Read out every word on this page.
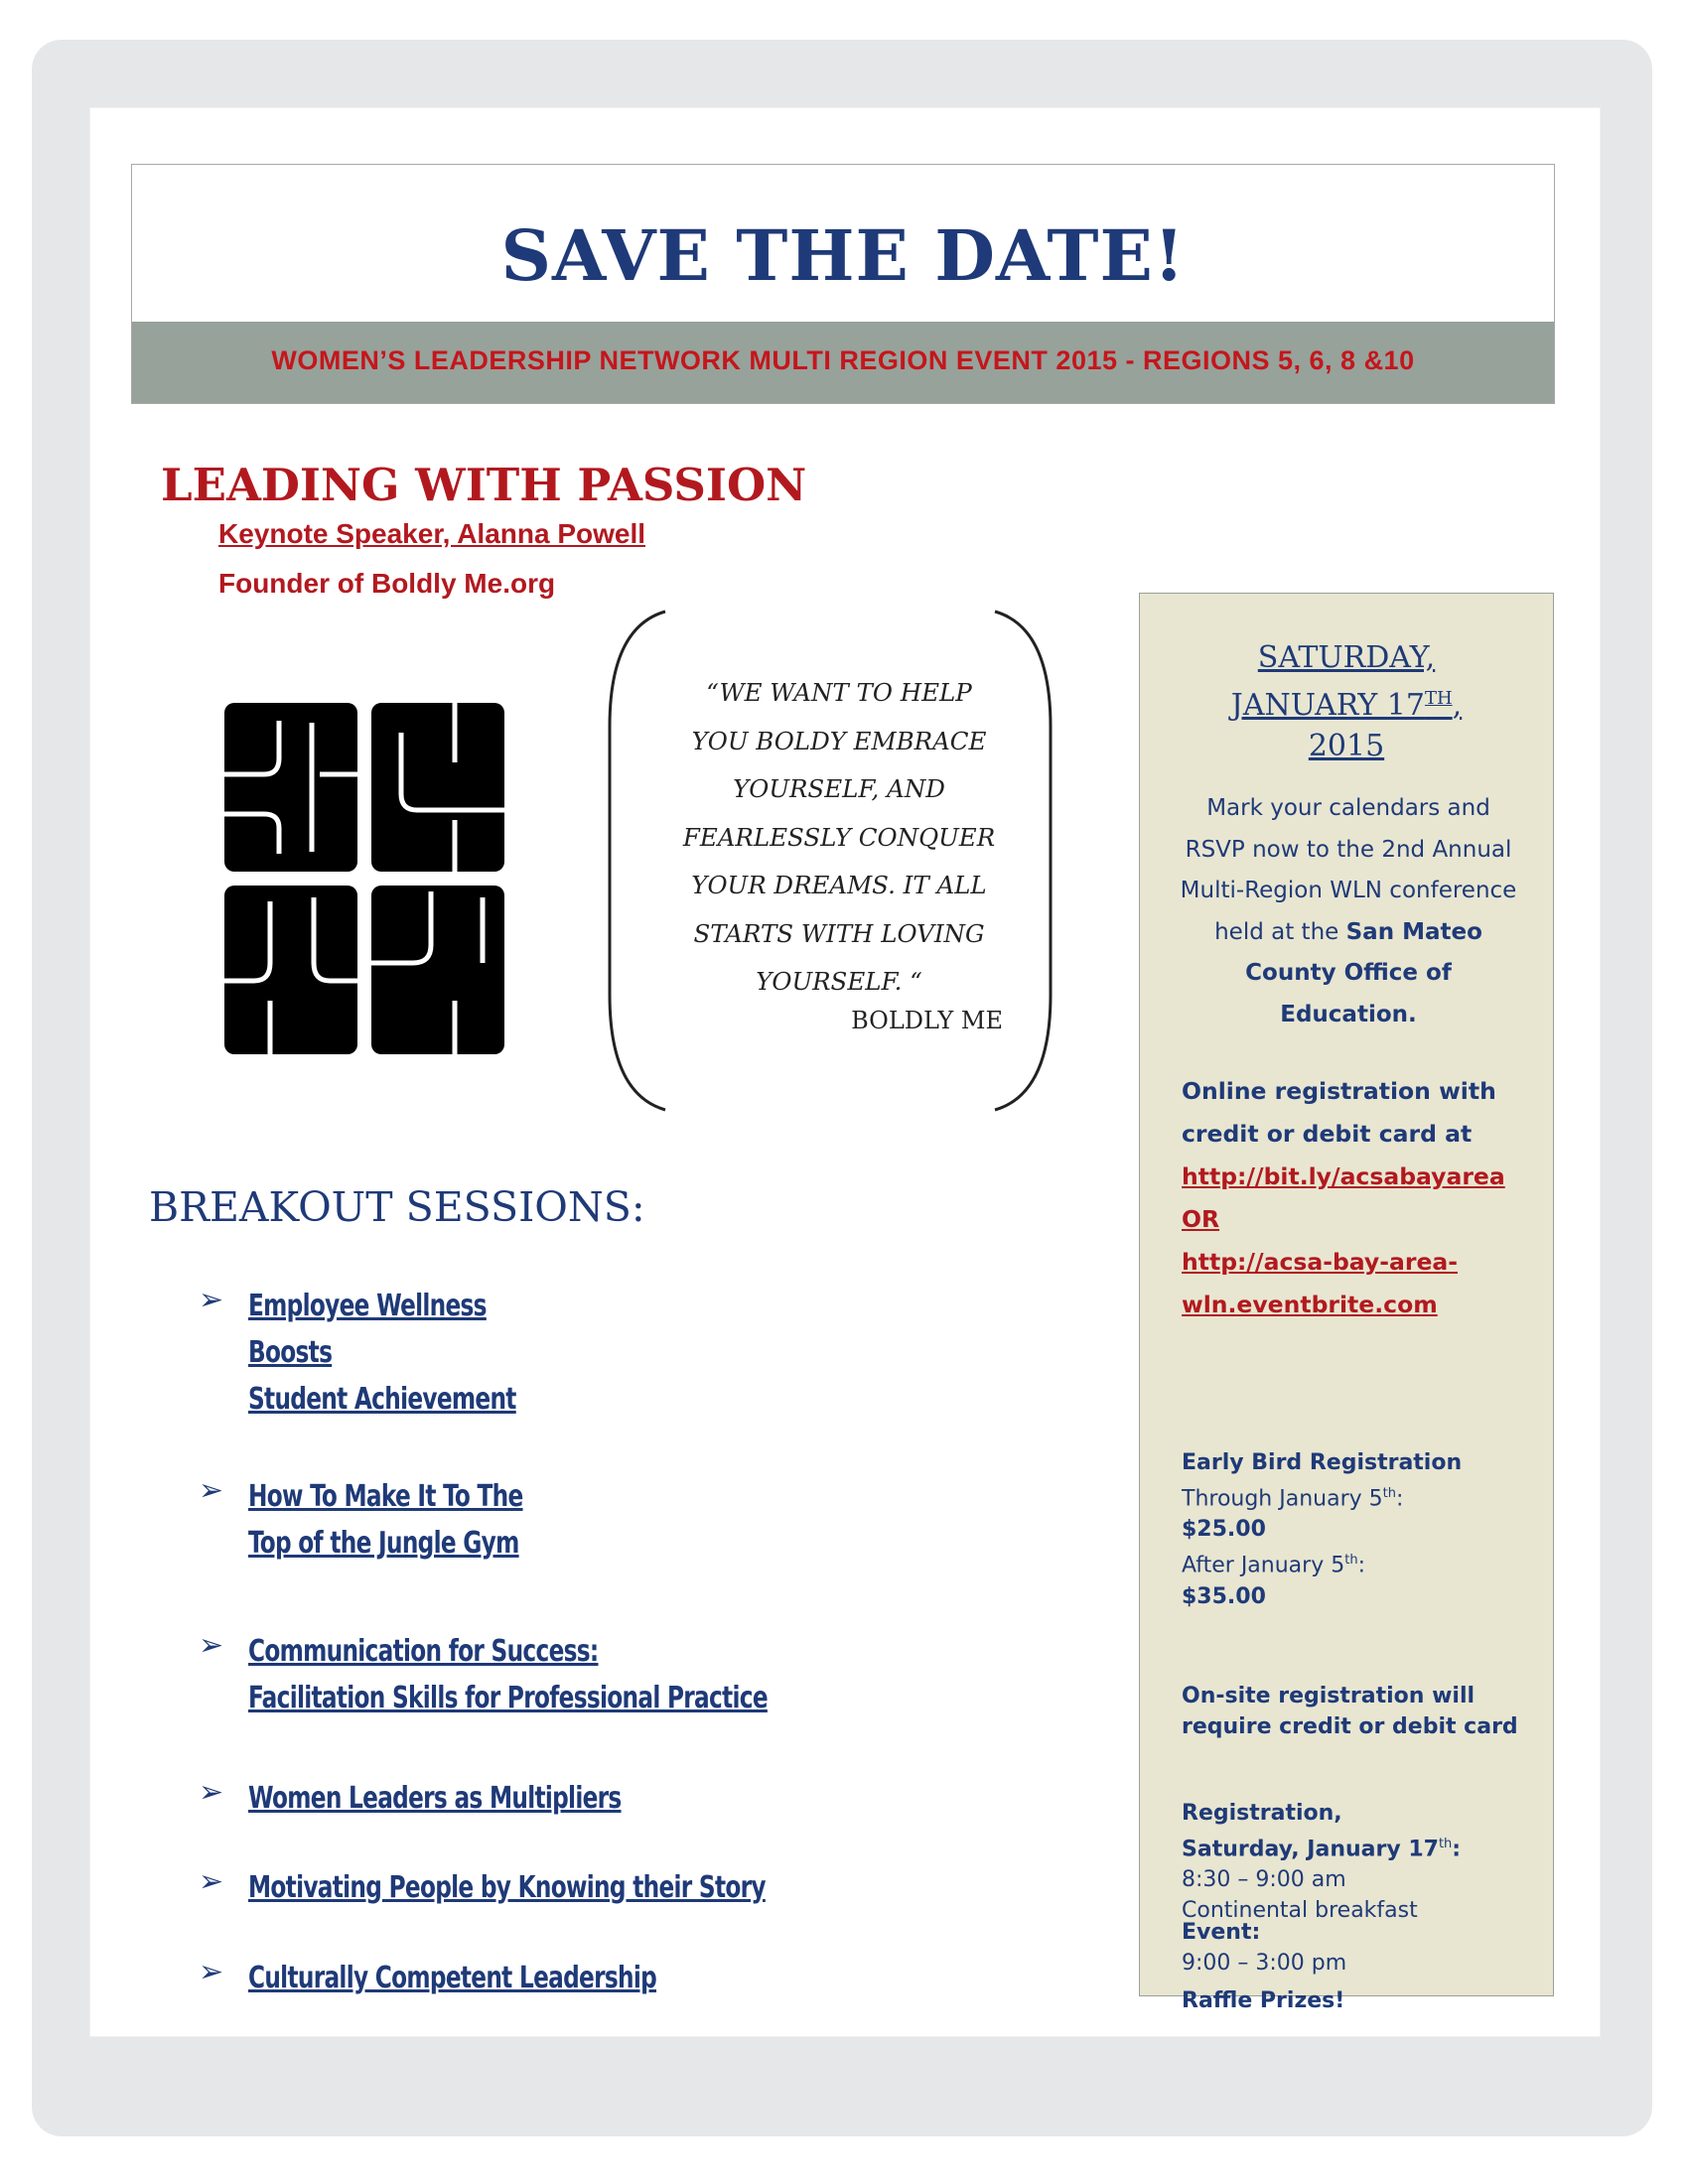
SAVE THE DATE!
WOMEN’S LEADERSHIP NETWORK MULTI REGION EVENT 2015 - REGIONS 5, 6, 8 &10
LEADING WITH PASSION
Keynote Speaker, Alanna Powell
Founder of Boldly Me.org
“WE WANT TO HELP
YOU BOLDY EMBRACE
YOURSELF, AND
FEARLESSLY CONQUER
YOUR DREAMS. IT ALL
STARTS WITH LOVING
YOURSELF. “
BOLDLY ME
SATURDAY,
JANUARY 17TH,
2015
Mark your calendars and RSVP now to the 2nd Annual Multi-Region WLN conference held at the San Mateo County Office of Education.
Online registration with credit or debit card at
http://bit.ly/acsabayarea
OR
http://acsa-bay-area-wln.eventbrite.com
Early Bird Registration
Through January 5th:
$25.00
After January 5th:
$35.00
On-site registration will require credit or debit card
Registration,
Saturday, January 17th:
8:30 – 9:00 am
Continental breakfast
Event:
9:00 – 3:00 pm
Raffle Prizes!
BREAKOUT SESSIONS:
➢ Employee Wellness
Boosts
Student Achievement
➢ How To Make It To The
Top of the Jungle Gym
➢ Communication for Success:
Facilitation Skills for Professional Practice
➢ Women Leaders as Multipliers
➢ Motivating People by Knowing their Story
➢ Culturally Competent Leadership
